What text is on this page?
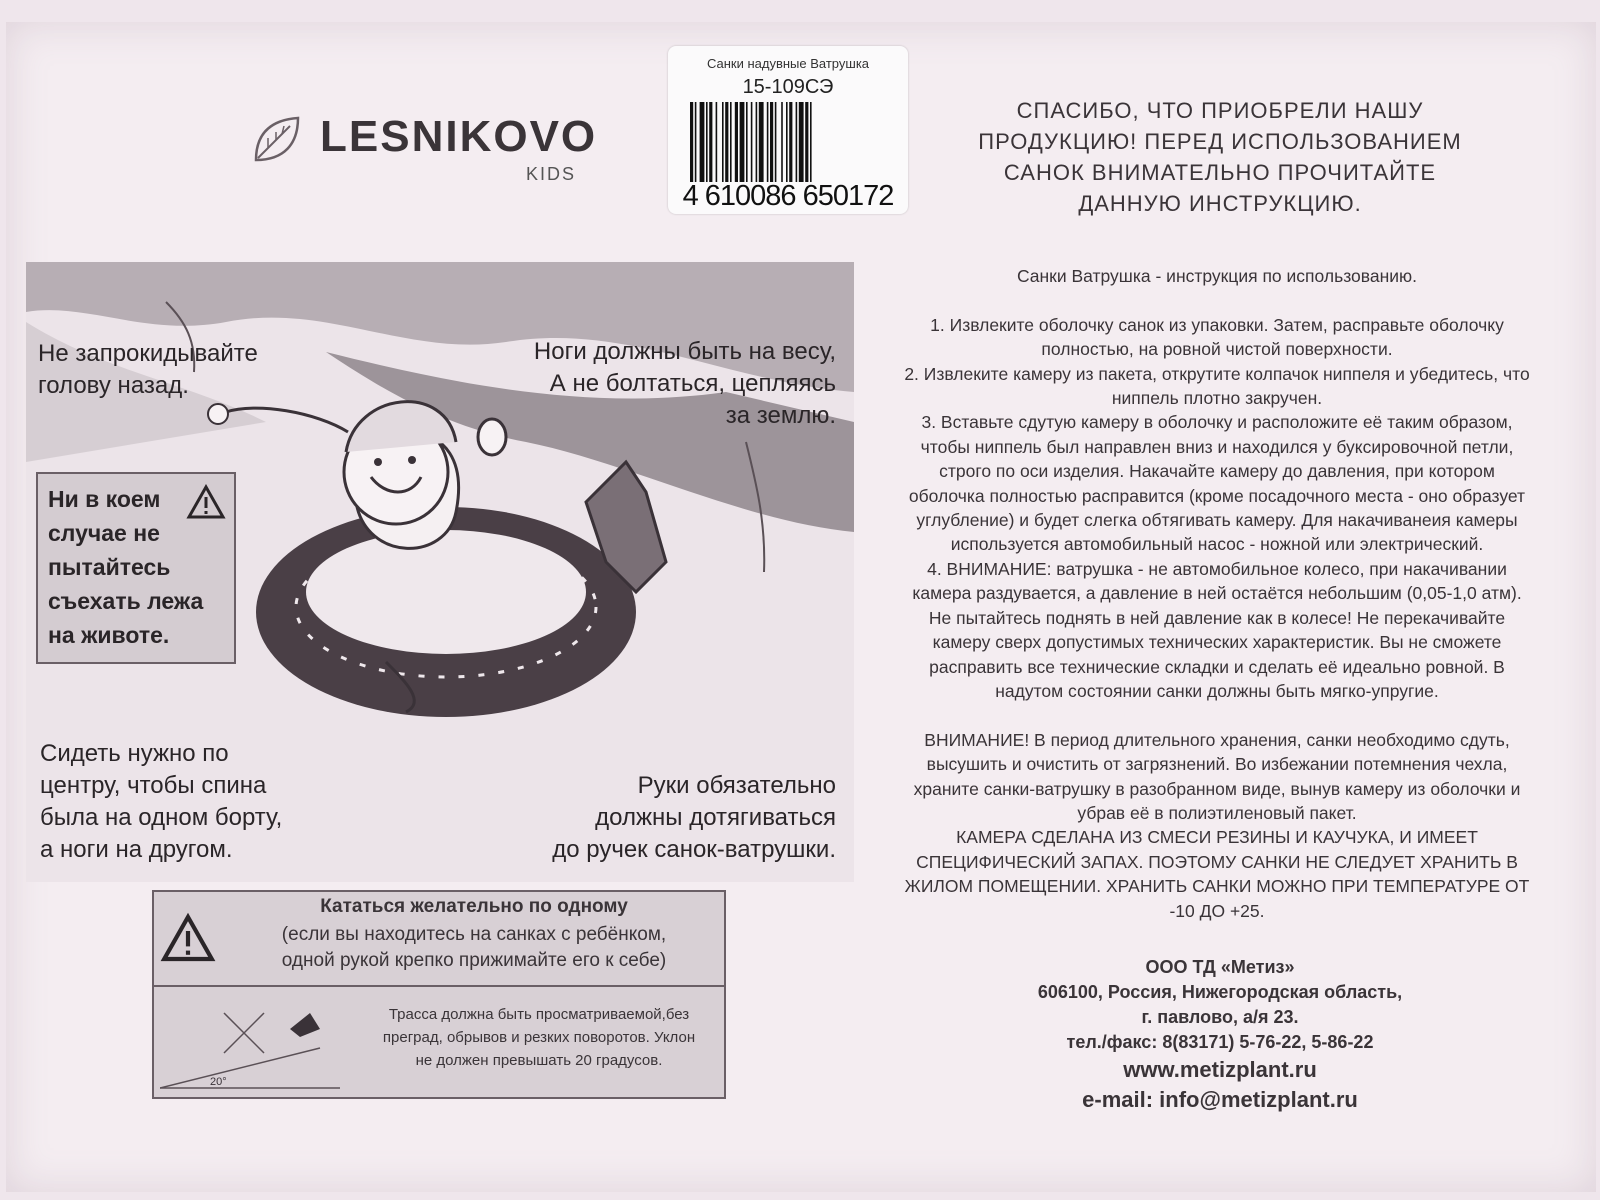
LESNIKOVO
KIDS
Санки надувные Ватрушка
15-109СЭ
4 610086 650172
СПАСИБО, ЧТО ПРИОБРЕЛИ НАШУ
ПРОДУКЦИЮ! ПЕРЕД ИСПОЛЬЗОВАНИЕМ
САНОК ВНИМАТЕЛЬНО ПРОЧИТАЙТЕ
ДАННУЮ ИНСТРУКЦИЮ.

Санки Ватрушка - инструкция по использованию.

1. Извлеките оболочку санок из упаковки. Затем, расправьте оболочку

полностью, на ровной чистой поверхности.

2. Извлеките камеру из пакета, открутите колпачок ниппеля и убедитесь, что

ниппель плотно закручен.

3. Вставьте сдутую камеру в оболочку и расположите её таким образом,

чтобы ниппель был направлен вниз и находился у буксировочной петли,

строго по оси изделия. Накачайте камеру до давления, при котором

оболочка полностью расправится (кроме посадочного места - оно образует

углубление) и будет слегка обтягивать камеру. Для накачиванеия камеры

используется автомобильный насос - ножной или электрический.

4. ВНИМАНИЕ: ватрушка - не автомобильное колесо, при накачивании

камера раздувается, а давление в ней остаётся небольшим (0,05-1,0 атм).

Не пытайтесь поднять в ней давление как в колесе! Не перекачивайте

камеру сверх допустимых технических характеристик. Вы не сможете

расправить все технические складки и сделать её идеально ровной. В

надутом состоянии санки должны быть мягко-упругие.

ВНИМАНИЕ! В период длительного хранения, санки необходимо сдуть,

высушить и очистить от загрязнений. Во избежании потемнения чехла,

храните санки-ватрушку в разобранном виде, вынув камеру из оболочки и

убрав её в полиэтиленовый пакет.

КАМЕРА СДЕЛАНА ИЗ СМЕСИ РЕЗИНЫ И КАУЧУКА, И ИМЕЕТ

СПЕЦИФИЧЕСКИЙ ЗАПАХ. ПОЭТОМУ САНКИ НЕ СЛЕДУЕТ ХРАНИТЬ В

ЖИЛОМ ПОМЕЩЕНИИ. ХРАНИТЬ САНКИ МОЖНО ПРИ ТЕМПЕРАТУРЕ ОТ

-10 ДО +25.

ООО ТД «Метиз»
606100, Россия, Нижегородская область,
г. павлово, а/я 23.
тел./факс: 8(83171) 5-76-22, 5-86-22
www.metizplant.ru
e-mail: info@metizplant.ru
Не запрокидывайте
голову назад.
Ноги должны быть на весу,
А не болтаться, цепляясь
за землю.
Сидеть нужно по
центру, чтобы спина
была на одном борту,
а ноги на другом.
Руки обязательно
должны дотягиваться
до ручек санок-ватрушки.
Ни в коем
случае не
пытайтесь
съехать лежа
на животе.
Кататься желательно по одному
(если вы находитесь на санках с ребёнком,
одной рукой крепко прижимайте его к себе)
20°
Трасса должна быть просматриваемой,без
преград, обрывов и резких поворотов. Уклон
не должен превышать 20 градусов.
